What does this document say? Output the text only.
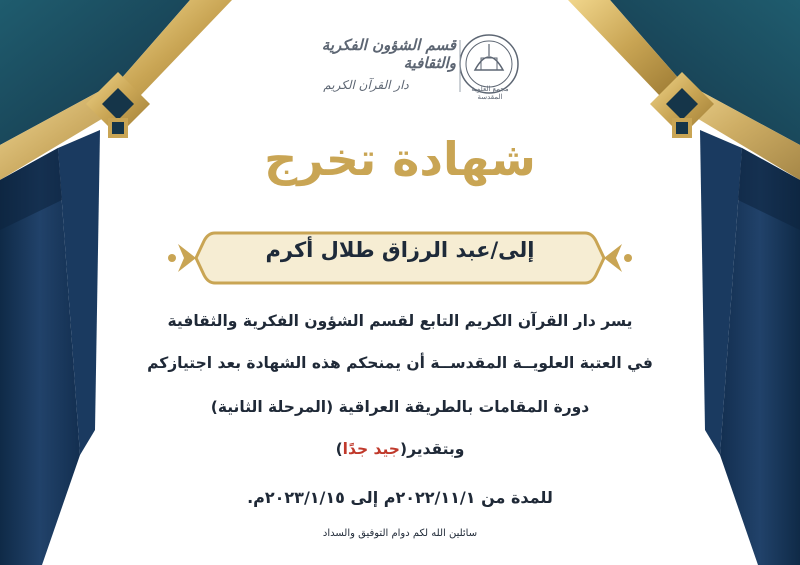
قسم الشؤون الفكرية والثقافية
دار القرآن الكريم	مجمع العلوية المقدسة
شهادة تخرج
إلى/عبد الرزاق طلال أكرم
يسر دار القرآن الكريم التابع لقسم الشؤون الفكرية والثقافية
في العتبة العلويــة المقدســة أن يمنحكم هذه الشهادة بعد اجتيازكم
دورة المقامات بالطريقة العراقية (المرحلة الثانية)
وبتقدير(جيد جدًا)
للمدة من ٢٠٢٢/١١/١م إلى ٢٠٢٣/١/١٥م.
سائلين الله لكم دوام التوفيق والسداد
